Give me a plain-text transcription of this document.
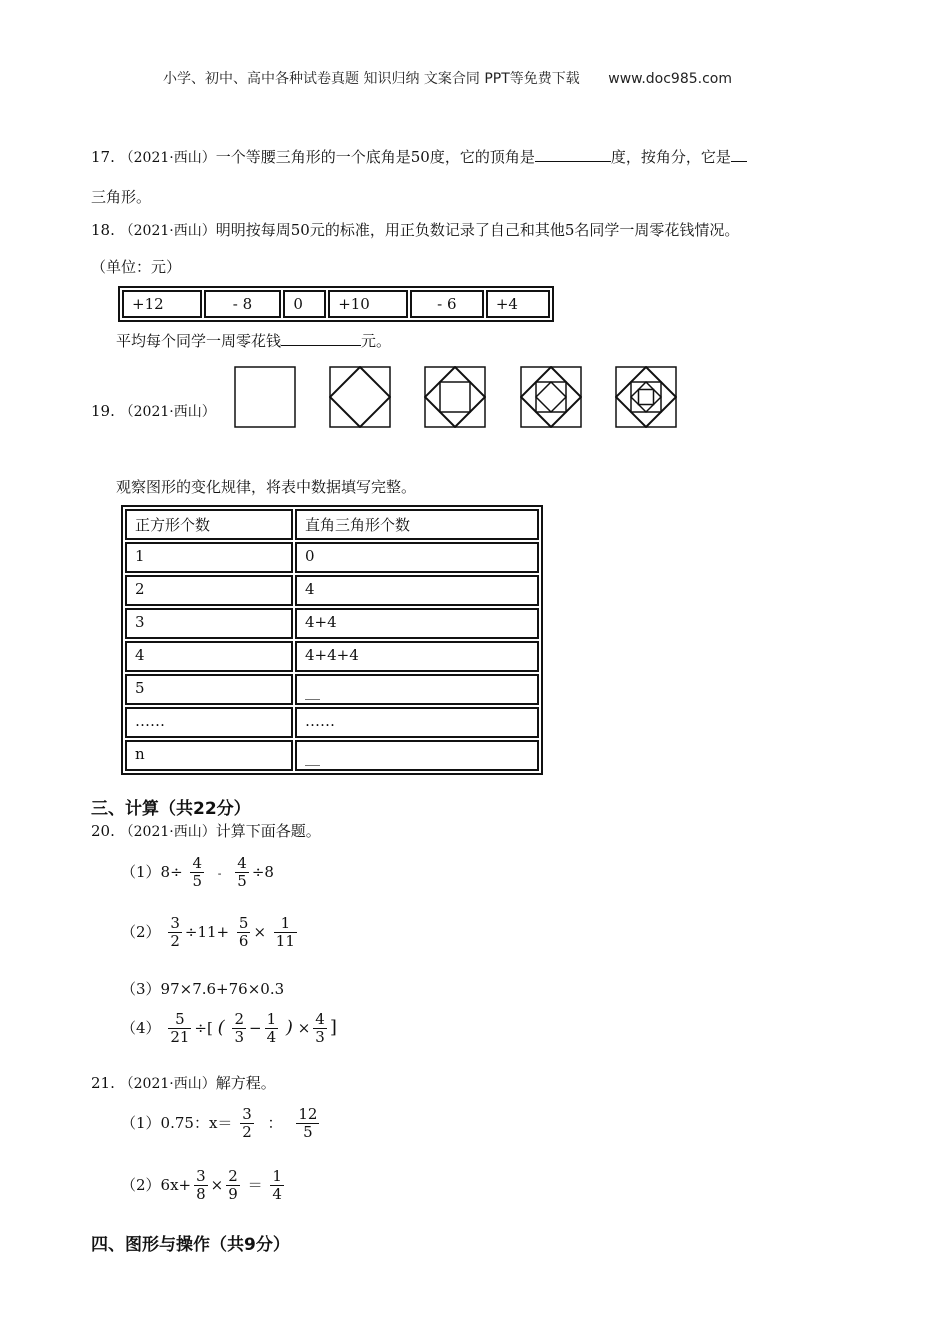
小学、初中、高中各种试卷真题 知识归纳 文案合同 PPT等免费下载 www.doc985.com
17. （2021·西山）一个等腰三角形的一个底角是50度，它的顶角是	度，按角分，它是
三角形。
18. （2021·西山）明明按每周50元的标准，用正负数记录了自己和其他5名同学一周零花钱情况。
（单位：元）
+12	- 8	0	+10	- 6	+4
平均每个同学一周零花钱	元。
19. （2021·西山）
观察图形的变化规律，将表中数据填写完整。
正方形个数	直角三角形个数
1	0
2	4
3	4+4
4	4+4+4
5	__
……	……
n	__
三、计算（共22分）
20. （2021·西山）计算下面各题。
$(1)8\div \frac{4}{5} - \frac{4}{5} \div 8$
$(2) \frac{3}{2} \div 11+ \frac{5}{6} \times \frac{1}{11}$
（3）97×7.6+76×0.3
$(4) \frac{5}{21}$ ÷[ ( $\frac{2}{3} - \frac{1}{4}$ ) × $\frac{4}{3}$ ]
21. （2021·西山）解方程。
（1）0.75：$x= \frac{3}{2}$ ： $\frac{12}{5}$
$(2)6x+ \frac{3}{8} \times \frac{2}{9} = \frac{1}{4}$
四、图形与操作（共9分）
